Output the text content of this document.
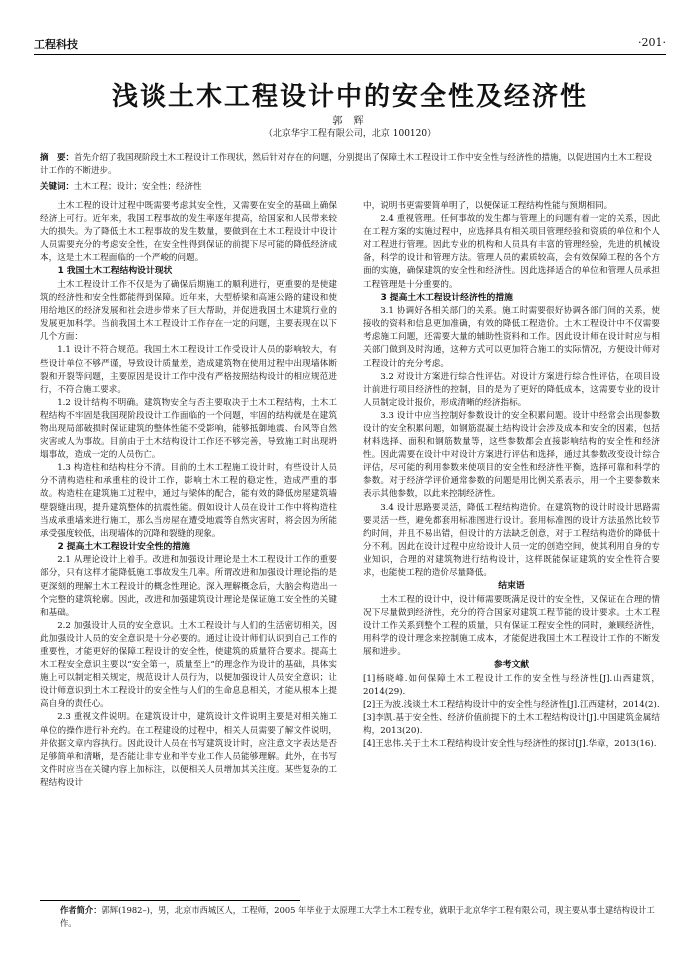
工程科技	·201·
浅谈土木工程设计中的安全性及经济性
郭 辉
（北京华宇工程有限公司，北京 100120）
摘　要：首先介绍了我国现阶段土木工程设计工作现状，然后针对存在的问题，分别提出了保障土木工程设计工作中安全性与经济性的措施，以促进国内土木工程设计工作的不断进步。
关键词：土木工程；设计；安全性；经济性

土木工程的设计过程中既需要考虑其安全性，又需要在安全的基础上确保经济上可行。近年来，我国工程事故的发生率逐年提高，给国家和人民带来较大的损失。为了降低土木工程事故的发生数量，要做到在土木工程设计中设计人员需要充分的考虑安全性，在安全性得到保证的前提下尽可能的降低经济成本，这是土木工程面临的一个严峻的问题。

1 我国土木工程结构设计现状

土木工程设计工作不仅是为了确保后期施工的顺利进行，更重要的是使建筑的经济性和安全性都能得到保障。近年来，大型桥梁和高速公路的建设和使用给地区的经济发展和社会进步带来了巨大帮助，并促进我国土木建筑行业的发展更加科学。当前我国土木工程设计工作存在一定的问题，主要表现在以下几个方面：

1.1 设计不符合规范。我国土木工程设计工作受设计人员的影响较大，有些设计单位不够严谨，导致设计质量差，造成建筑物在使用过程中出现墙体断裂和开裂等问题，主要原因是设计工作中没有严格按照结构设计的相应规范进行，不符合施工要求。

1.2 设计结构不明确。建筑物安全与否主要取决于土木工程结构，土木工程结构不牢固是我国现阶段设计工作面临的一个问题，牢固的结构就是在建筑物出现局部破损时保证建筑的整体性能不受影响，能够抵御地震、台风等自然灾害或人为事故。目前由于土木结构设计工作还不够完善，导致施工时出现坍塌事故，造成一定的人员伤亡。

1.3 构造柱和结构柱分不清。目前的土木工程施工设计时，有些设计人员分不清构造柱和承重柱的设计工作，影响土木工程的稳定性，造成严重的事故。构造柱在建筑施工过程中，通过与梁体的配合，能有效的降低房屋建筑墙壁裂缝出现，提升建筑整体的抗震性能。假如设计人员在设计工作中将构造柱当成承重墙来进行施工，那么当房屋在遭受地震等自然灾害时，将会因为所能承受强度较低，出现墙体的沉降和裂缝的现象。

2 提高土木工程设计安全性的措施

2.1 从理论设计上着手。改进和加强设计理论是土木工程设计工作的重要部分，只有这样才能降低施工事故发生几率。所谓改进和加强设计理论指的是更深刻的理解土木工程设计的概念性理论。深入理解概念后，大脑会构造出一个完整的建筑轮廓。因此，改进和加强建筑设计理论是保证施工安全性的关键和基础。

2.2 加强设计人员的安全意识。土木工程设计与人们的生活密切相关，因此加强设计人员的安全意识是十分必要的。通过让设计师们认识到自己工作的重要性，才能更好的保障工程设计的安全性，使建筑的质量符合要求。提高土木工程安全意识主要以“安全第一，质量至上”的理念作为设计的基础，具体实施上可以制定相关规定，规范设计人员行为，以便加强设计人员安全意识；让设计师意识到土木工程设计的安全性与人们的生命息息相关，才能从根本上提高自身的责任心。

2.3 重视文件说明。在建筑设计中，建筑设计文件说明主要是对相关施工单位的操作进行补充约。在工程建设的过程中，相关人员需要了解文件说明，并依据文章内容执行。因此设计人员在书写建筑设计时，应注意文字表达是否足够简单和清晰，是否能让非专业和半专业工作人员能够理解。此外，在书写文件时应当在关键内容上加标注，以便相关人员增加其关注度。某些复杂的工程结构设计

中，说明书更需要简单明了，以便保证工程结构性能与预期相同。

2.4 重视管理。任何事故的发生都与管理上的问题有着一定的关系，因此在工程方案的实施过程中，应选择具有相关项目管理经验和资质的单位和个人对工程进行管理。因此专业的机构和人员具有丰富的管理经验，先进的机械设备，科学的设计和管理方法。管理人员的素质较高，会有效保障工程的各个方面的实施，确保建筑的安全性和经济性。因此选择适合的单位和管理人员承担工程管理是十分重要的。

3 提高土木工程设计经济性的措施

3.1 协调好各相关部门的关系。施工时需要很好协调各部门间的关系，使接收的资料和信息更加准确，有效的降低工程造价。土木工程设计中不仅需要考虑施工问题，还需要大量的辅助性资料和工作。因此设计师在设计时应与相关部门做到及时沟通，这种方式可以更加符合施工的实际情况，方便设计师对工程设计的充分考虑。

3.2 对设计方案进行综合性评估。对设计方案进行综合性评估，在项目设计前进行项目经济性的控制，目的是为了更好的降低成本，这需要专业的设计人员制定设计报价，形成清晰的经济指标。

3.3 设计中应当控制好参数设计的安全积累问题。设计中经常会出现参数设计的安全积累问题，如钢筋混凝土结构设计会涉及成本和安全的因素，包括材料选择、面积和钢筋数量等，这些参数都会直接影响结构的安全性和经济性。因此需要在设计中对设计方案进行评估和选择，通过其参数改变设计综合评估，尽可能的利用参数来使项目的安全性和经济性平衡，选择可靠和科学的参数。对于经济学评价通常参数的问题是用比例关系表示，用一个主要参数来表示其他参数，以此来控制经济性。

3.4 设计思路要灵活，降低工程结构造价。在建筑物的设计时设计思路需要灵活一些，避免都套用标准图进行设计。套用标准图的设计方法虽然比较节约时间，并且不易出错，但设计的方法缺乏创意，对于工程结构造价的降低十分不利。因此在设计过程中应给设计人员一定的创造空间，使其利用自身的专业知识，合理的对建筑物进行结构设计，这样既能保证建筑的安全性符合要求，也能使工程的造价尽量降低。

结束语

土木工程的设计中，设计师需要既满足设计的安全性，又保证在合理的情况下尽量做到经济性，充分的符合国家对建筑工程节能的设计要求。土木工程设计工作关系到整个工程的质量，只有保证工程安全性的同时，兼顾经济性，用科学的设计理念来控制施工成本，才能促进我国土木工程设计工作的不断发展和进步。

参考文献

[1]杨晓峰.如何保障土木工程设计工作的安全性与经济性[J].山西建筑，2014(29).

[2]王为波.浅谈土木工程结构设计中的安全性与经济性[J].江西建材，2014(2).

[3]李凯.基于安全性、经济价值前提下的土木工程结构设计[J].中国建筑金属结构，2013(20).

[4]王忠伟.关于土木工程结构设计安全性与经济性的探讨[J].华章，2013(16).

作者简介：郭辉(1982–)，男，北京市西城区人，工程师，2005 年毕业于太原理工大学土木工程专业，就职于北京华宇工程有限公司，现主要从事土建结构设计工作。
